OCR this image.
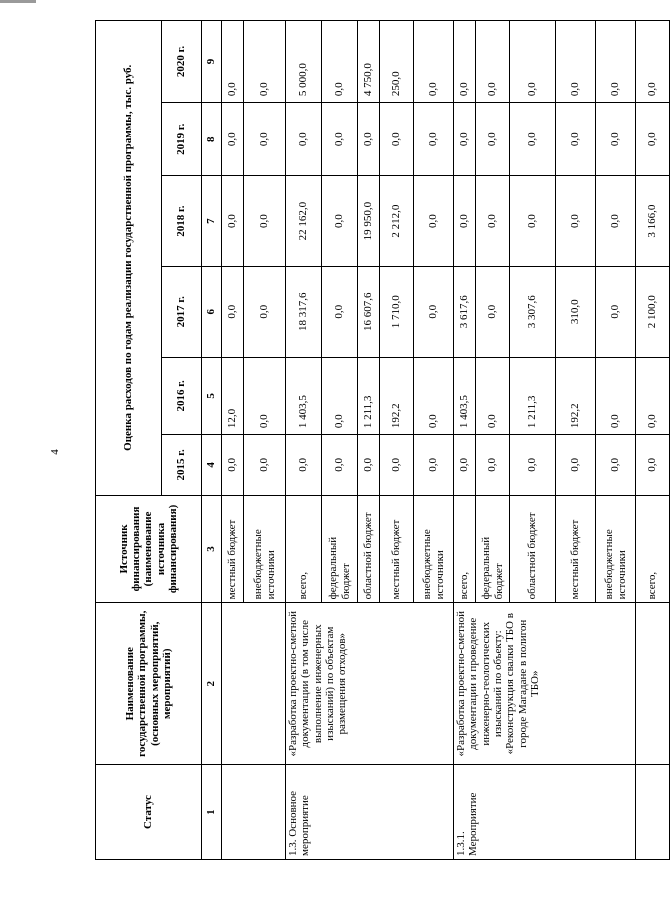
4
Статус	Наименование государственной программы, (основных мероприятий, мероприятий)	Источник финансирования (наименование источника финансирования)	Оценка расходов по годам реализации государственной программы, тыс. руб.					
			2015 г.	2016 г.	2017 г.	2018 г.	2019 г.	2020 г.
1	2	3	4	5	6	7	8	9
		местный бюджет	0,0	12,0	0,0	0,0	0,0	0,0
		внебюджетные источники	0,0	0,0	0,0	0,0	0,0	0,0
1.3. Основное мероприятие	«Разработка проектно-сметной документации (в том числе выполнение инженерных изысканий) по объектам размещения отходов»	всего,	0,0	1 403,5	18 317,6	22 162,0	0,0	5 000,0
		федеральный бюджет	0,0	0,0	0,0	0,0	0,0	0,0
		областной бюджет	0,0	1 211,3	16 607,6	19 950,0	0,0	4 750,0
		местный бюджет	0,0	192,2	1 710,0	2 212,0	0,0	250,0
		внебюджетные источники	0,0	0,0	0,0	0,0	0,0	0,0
1.3.1. Мероприятие	«Разработка проектно-сметной документации и проведение инженерно-геологических изысканий по объекту: «Реконструкция свалки ТБО в городе Магадане в полигон ТБО»	всего,	0,0	1 403,5	3 617,6	0,0	0,0	0,0
		федеральный бюджет	0,0	0,0	0,0	0,0	0,0	0,0
		областной бюджет	0,0	1 211,3	3 307,6	0,0	0,0	0,0
		местный бюджет	0,0	192,2	310,0	0,0	0,0	0,0
		внебюджетные источники	0,0	0,0	0,0	0,0	0,0	0,0
		всего,	0,0	0,0	2 100,0	3 166,0	0,0	0,0
